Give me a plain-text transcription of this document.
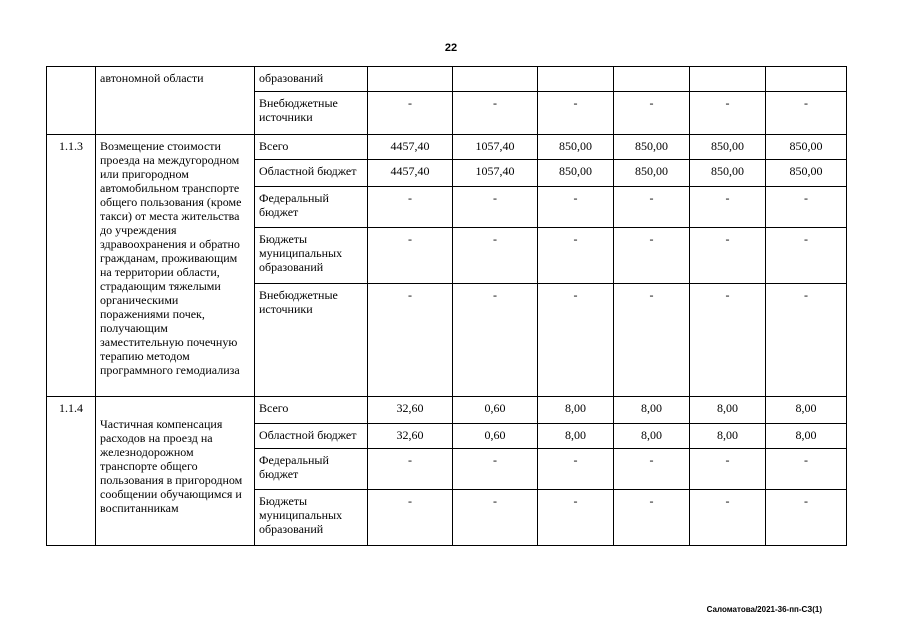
22
	автономной области	образований						
		Внебюджетные источники	-	-	-	-	-	-
1.1.3	Возмещение стоимости проезда на междугородном или пригородном автомобильном транспорте общего пользования (кроме такси) от места жительства до учреждения здравоохранения и обратно гражданам, проживающим на территории области, страдающим тяжелыми органическими поражениями почек, получающим заместительную почечную терапию методом программного гемодиализа	Всего	4457,40	1057,40	850,00	850,00	850,00	850,00
		Областной бюджет	4457,40	1057,40	850,00	850,00	850,00	850,00
		Федеральный бюджет	-	-	-	-	-	-
		Бюджеты муниципальных образований	-	-	-	-	-	-
		Внебюджетные источники	-	-	-	-	-	-
1.1.4	Частичная компенсация расходов на проезд на железнодорожном транспорте общего пользования в пригородном сообщении обучающимся и воспитанникам	Всего	32,60	0,60	8,00	8,00	8,00	8,00
		Областной бюджет	32,60	0,60	8,00	8,00	8,00	8,00
		Федеральный бюджет	-	-	-	-	-	-
		Бюджеты муниципальных образований	-	-	-	-	-	-
Саломатова/2021-36-пп-СЗ(1)
